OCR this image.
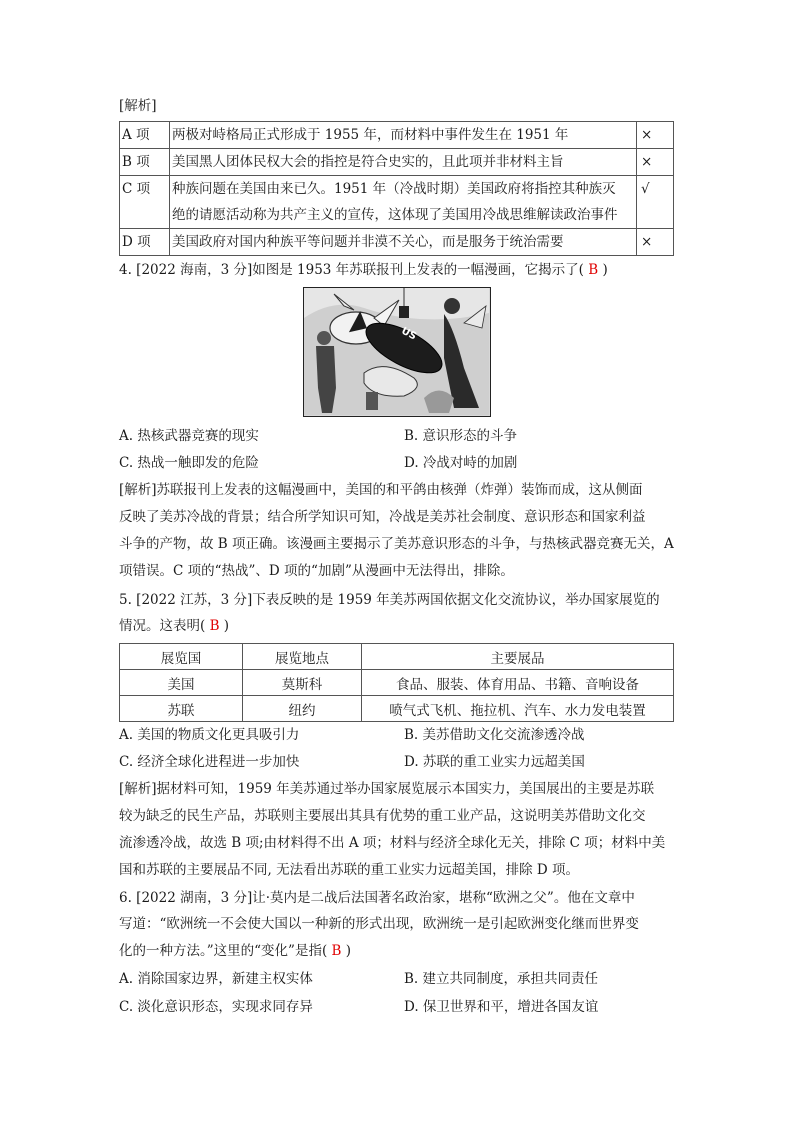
[解析]
A 项	两极对峙格局正式形成于 1955 年，而材料中事件发生在 1951 年	×
B 项	美国黑人团体民权大会的指控是符合史实的，且此项并非材料主旨	×
C 项	种族问题在美国由来已久。1951 年（冷战时期）美国政府将指控其种族灭
绝的请愿活动称为共产主义的宣传，这体现了美国用冷战思维解读政治事件	√
D 项	美国政府对国内种族平等问题并非漠不关心，而是服务于统治需要	×
4. [2022 海南，3 分]如图是 1953 年苏联报刊上发表的一幅漫画，它揭示了( B )
US
A. 热核武器竞赛的现实	B. 意识形态的斗争
C. 热战一触即发的危险	D. 冷战对峙的加剧
[解析]苏联报刊上发表的这幅漫画中，美国的和平鸽由核弹（炸弹）装饰而成，这从侧面
反映了美苏冷战的背景；结合所学知识可知，冷战是美苏社会制度、意识形态和国家利益
斗争的产物，故 B 项正确。该漫画主要揭示了美苏意识形态的斗争，与热核武器竞赛无关，A
项错误。C 项的“热战”、D 项的“加剧”从漫画中无法得出，排除。
5. [2022 江苏，3 分]下表反映的是 1959 年美苏两国依据文化交流协议，举办国家展览的
情况。这表明( B )
展览国	展览地点	主要展品
美国	莫斯科	食品、服装、体育用品、书籍、音响设备
苏联	纽约	喷气式飞机、拖拉机、汽车、水力发电装置
A. 美国的物质文化更具吸引力	B. 美苏借助文化交流渗透冷战
C. 经济全球化进程进一步加快	D. 苏联的重工业实力远超美国
[解析]据材料可知，1959 年美苏通过举办国家展览展示本国实力，美国展出的主要是苏联
较为缺乏的民生产品，苏联则主要展出其具有优势的重工业产品，这说明美苏借助文化交
流渗透冷战，故选 B 项;由材料得不出 A 项；材料与经济全球化无关，排除 C 项；材料中美
国和苏联的主要展品不同, 无法看出苏联的重工业实力远超美国，排除 D 项。
6. [2022 湖南，3 分]让·莫内是二战后法国著名政治家，堪称“欧洲之父”。他在文章中
写道：“欧洲统一不会使大国以一种新的形式出现，欧洲统一是引起欧洲变化继而世界变
化的一种方法。”这里的“变化”是指( B )
A. 消除国家边界，新建主权实体	B. 建立共同制度，承担共同责任
C. 淡化意识形态，实现求同存异	D. 保卫世界和平，增进各国友谊
